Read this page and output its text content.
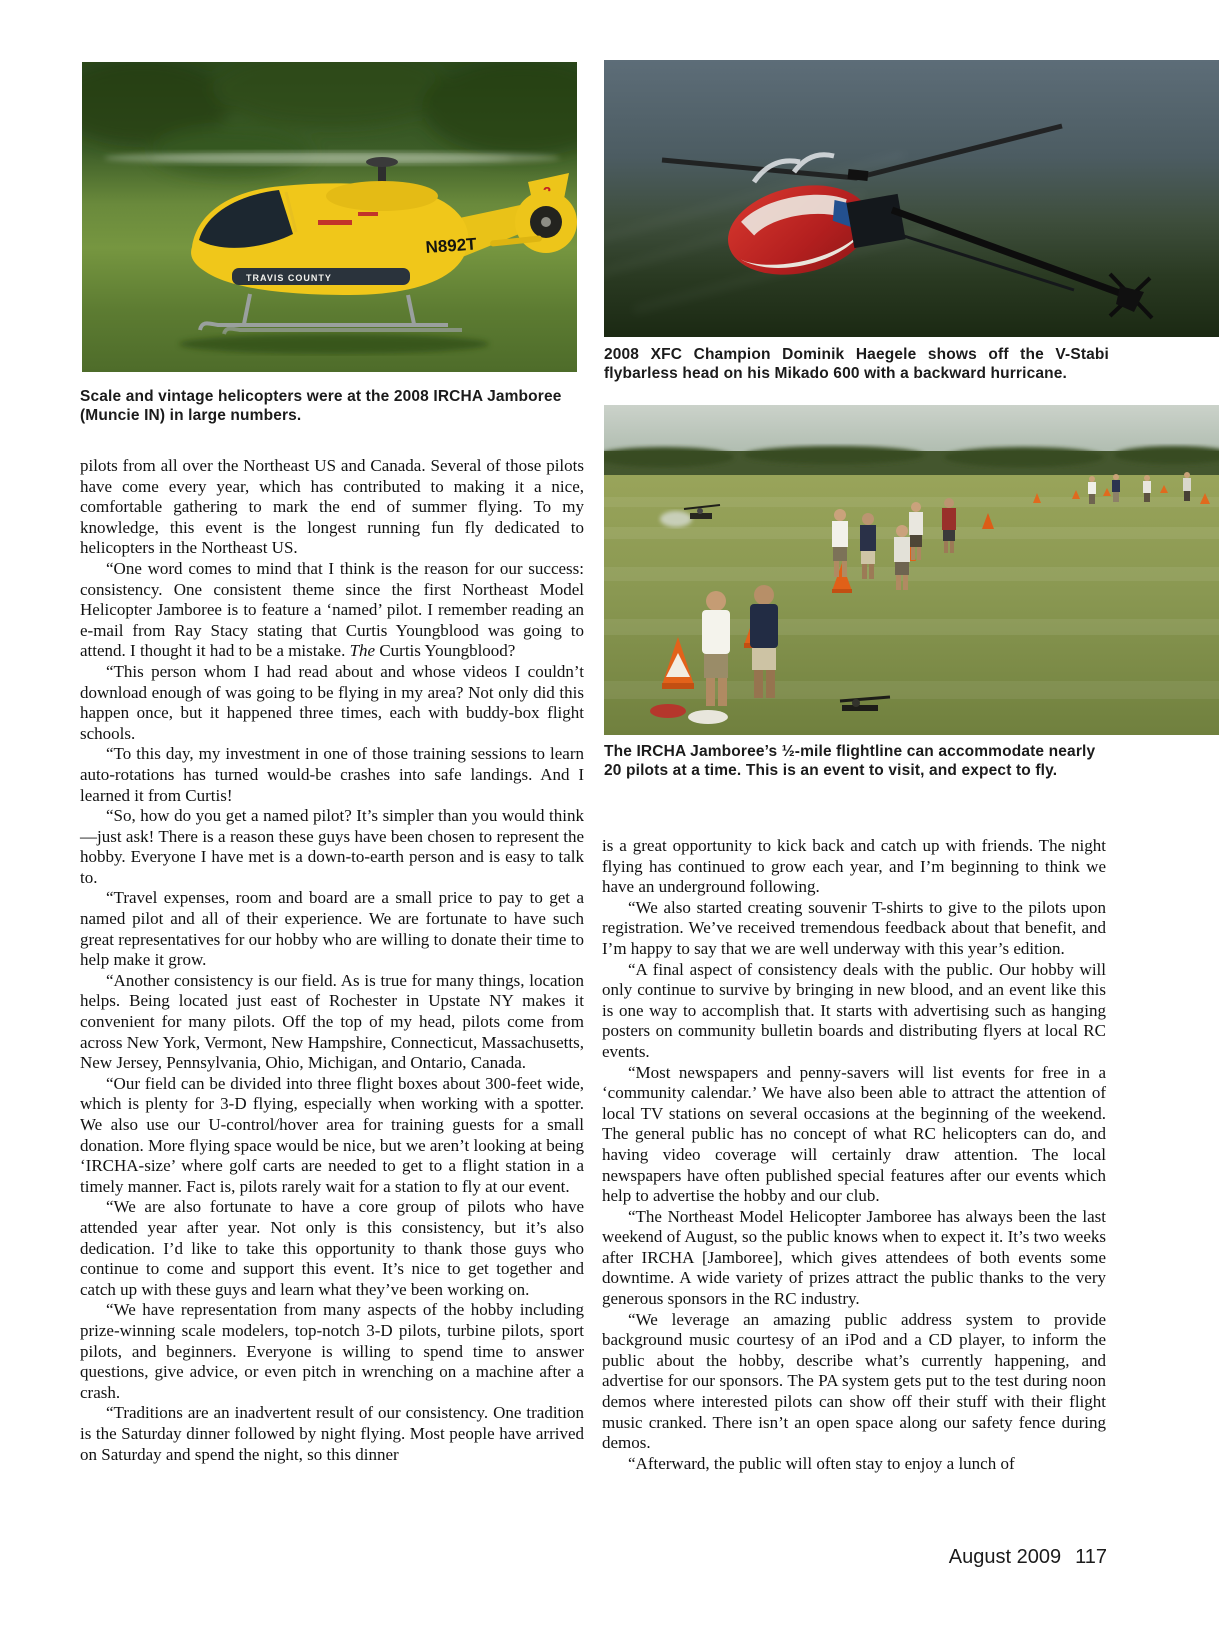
TRAVIS COUNTY
N892T
Scale and vintage helicopters were at the 2008 IRCHA Jamboree (Muncie IN) in large numbers.
2008 XFC Champion Dominik Haegele shows off the V-Stabi flybarless head on his Mikado 600 with a backward hurricane.
The IRCHA Jamboree’s ½-mile flightline can accommodate nearly 20 pilots at a time. This is an event to visit, and expect to fly.

pilots from all over the Northeast US and Canada. Several of those pilots have come every year, which has contributed to making it a nice, comfortable gathering to mark the end of summer flying. To my knowledge, this event is the longest running fun fly dedicated to helicopters in the Northeast US.

“One word comes to mind that I think is the reason for our success: consistency. One consistent theme since the first Northeast Model Helicopter Jamboree is to feature a ‘named’ pilot. I remember reading an e-mail from Ray Stacy stating that Curtis Youngblood was going to attend. I thought it had to be a mistake. The Curtis Youngblood?

“This person whom I had read about and whose videos I couldn’t download enough of was going to be flying in my area? Not only did this happen once, but it happened three times, each with buddy-box flight schools.

“To this day, my investment in one of those training sessions to learn auto-rotations has turned would-be crashes into safe landings. And I learned it from Curtis!

“So, how do you get a named pilot? It’s simpler than you would think—just ask! There is a reason these guys have been chosen to represent the hobby. Everyone I have met is a down-to-earth person and is easy to talk to.

“Travel expenses, room and board are a small price to pay to get a named pilot and all of their experience. We are fortunate to have such great representatives for our hobby who are willing to donate their time to help make it grow.

“Another consistency is our field. As is true for many things, location helps. Being located just east of Rochester in Upstate NY makes it convenient for many pilots. Off the top of my head, pilots come from across New York, Vermont, New Hampshire, Connecticut, Massachusetts, New Jersey, Pennsylvania, Ohio, Michigan, and Ontario, Canada.

“Our field can be divided into three flight boxes about 300-feet wide, which is plenty for 3-D flying, especially when working with a spotter. We also use our U-control/hover area for training guests for a small donation. More flying space would be nice, but we aren’t looking at being ‘IRCHA-size’ where golf carts are needed to get to a flight station in a timely manner. Fact is, pilots rarely wait for a station to fly at our event.

“We are also fortunate to have a core group of pilots who have attended year after year. Not only is this consistency, but it’s also dedication. I’d like to take this opportunity to thank those guys who continue to come and support this event. It’s nice to get together and catch up with these guys and learn what they’ve been working on.

“We have representation from many aspects of the hobby including prize-winning scale modelers, top-notch 3-D pilots, turbine pilots, sport pilots, and beginners. Everyone is willing to spend time to answer questions, give advice, or even pitch in wrenching on a machine after a crash.

“Traditions are an inadvertent result of our consistency. One tradition is the Saturday dinner followed by night flying. Most people have arrived on Saturday and spend the night, so this dinner

is a great opportunity to kick back and catch up with friends. The night flying has continued to grow each year, and I’m beginning to think we have an underground following.

“We also started creating souvenir T-shirts to give to the pilots upon registration. We’ve received tremendous feedback about that benefit, and I’m happy to say that we are well underway with this year’s edition.

“A final aspect of consistency deals with the public. Our hobby will only continue to survive by bringing in new blood, and an event like this is one way to accomplish that. It starts with advertising such as hanging posters on community bulletin boards and distributing flyers at local RC events.

“Most newspapers and penny-savers will list events for free in a ‘community calendar.’ We have also been able to attract the attention of local TV stations on several occasions at the beginning of the weekend. The general public has no concept of what RC helicopters can do, and having video coverage will certainly draw attention. The local newspapers have often published special features after our events which help to advertise the hobby and our club.

“The Northeast Model Helicopter Jamboree has always been the last weekend of August, so the public knows when to expect it. It’s two weeks after IRCHA [Jamboree], which gives attendees of both events some downtime. A wide variety of prizes attract the public thanks to the very generous sponsors in the RC industry.

“We leverage an amazing public address system to provide background music courtesy of an iPod and a CD player, to inform the public about the hobby, describe what’s currently happening, and advertise for our sponsors. The PA system gets put to the test during noon demos where interested pilots can show off their stuff with their flight music cranked. There isn’t an open space along our safety fence during demos.

“Afterward, the public will often stay to enjoy a lunch of

August 2009 117
